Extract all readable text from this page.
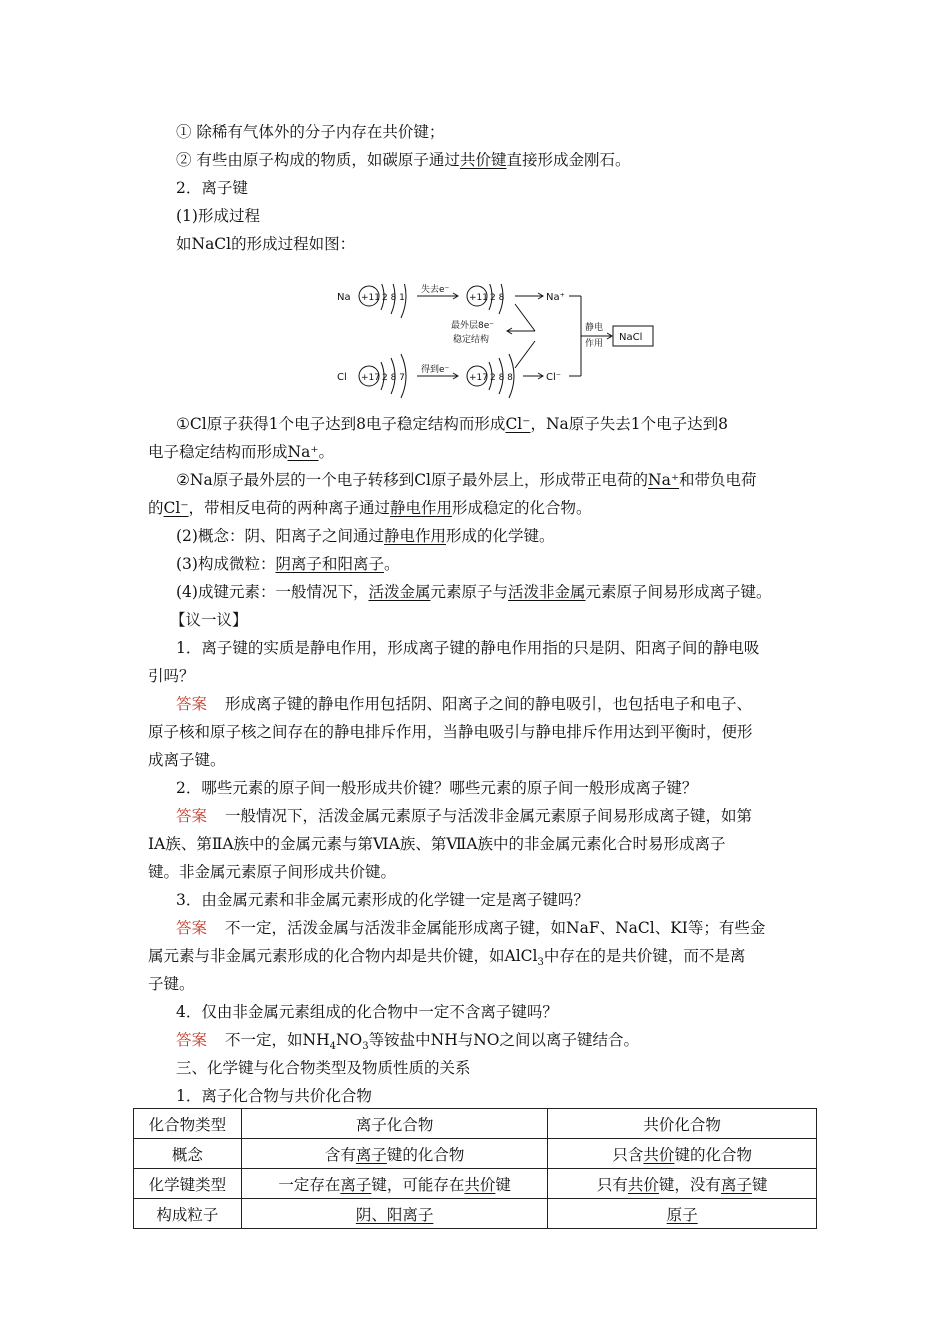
① 除稀有气体外的分子内存在共价键；
② 有些由原子构成的物质，如碳原子通过共价键直接形成金刚石。
2．离子键
(1)形成过程
如NaCl的形成过程如图：
①Cl原子获得1个电子达到8电子稳定结构而形成Cl⁻，Na原子失去1个电子达到8
电子稳定结构而形成Na⁺。
②Na原子最外层的一个电子转移到Cl原子最外层上，形成带正电荷的Na⁺和带负电荷
的Cl⁻，带相反电荷的两种离子通过静电作用形成稳定的化合物。
(2)概念：阴、阳离子之间通过静电作用形成的化学键。
(3)构成微粒：阴离子和阳离子。
(4)成键元素：一般情况下，活泼金属元素原子与活泼非金属元素原子间易形成离子键。
【议一议】
1．离子键的实质是静电作用，形成离子键的静电作用指的只是阴、阳离子间的静电吸
引吗？
答案 形成离子键的静电作用包括阴、阳离子之间的静电吸引，也包括电子和电子、
原子核和原子核之间存在的静电排斥作用，当静电吸引与静电排斥作用达到平衡时，便形
成离子键。
2．哪些元素的原子间一般形成共价键？哪些元素的原子间一般形成离子键？
答案 一般情况下，活泼金属元素原子与活泼非金属元素原子间易形成离子键，如第
ⅠA族、第ⅡA族中的金属元素与第ⅥA族、第ⅦA族中的非金属元素化合时易形成离子
键。非金属元素原子间形成共价键。
3．由金属元素和非金属元素形成的化学键一定是离子键吗？
答案 不一定，活泼金属与活泼非金属能形成离子键，如NaF、NaCl、KI等；有些金
属元素与非金属元素形成的化合物内却是共价键，如AlCl$_3$中存在的是共价键，而不是离
子键。
4．仅由非金属元素组成的化合物中一定不含离子键吗？
答案 不一定，如$NH_4NO_3$等铵盐中NH与NO之间以离子键结合。
三、化学键与化合物类型及物质性质的关系
1．离子化合物与共价化合物
Na +11 2 8 1
失去e⁻
+11 2 8	Na⁺
Cl +17 2 8 7
得到e⁻
+17 2 8 8	Cl⁻
最外层8e⁻
稳定结构
静电
作用
NaCl
化合物类型	离子化合物	共价化合物
概念	含有离子键的化合物	只含共价键的化合物
化学键类型	一定存在离子键，可能存在共价键	只有共价键，没有离子键
构成粒子	阴、阳离子	原子
